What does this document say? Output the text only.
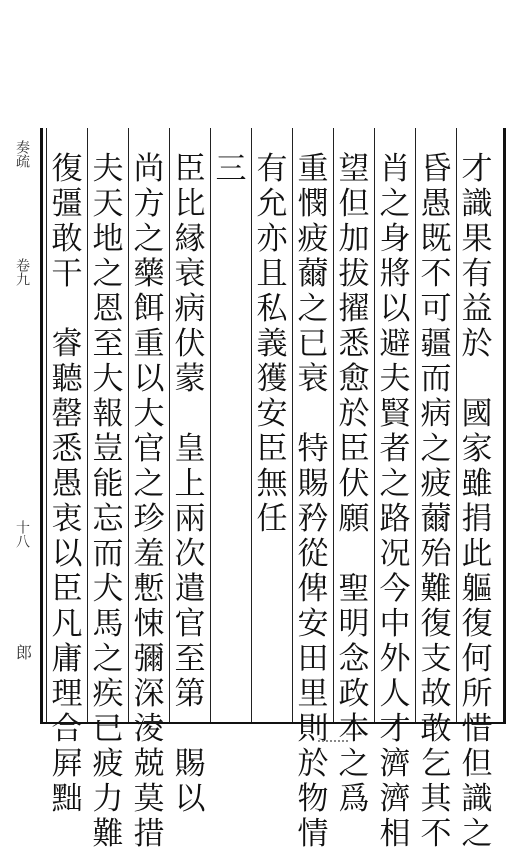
奏疏
卷九
十八
郎
才
識
果
有
益
於

國
家
雖
捐
此
軀
復
何
所
惜
但
識
之
昏
愚
既
不
可
疆
而
病
之
疲
薾
殆
難
復
支
故
敢
乞
其
不
肖
之
身
將
以
避
夫
賢
者
之
路
况
今
中
外
人
才
濟
濟
相
望
但
加
拔
擢
悉
愈
於
臣
伏
願

聖
明
念
政
本
之
爲
重
憫
疲
薾
之
已
衰

特
賜
矜
從
俾
安
田
里
則
於
物
情
有
允
亦
且
私
義
獲
安
臣
無
任
三
臣
比
縁
衰
病
伏
蒙

皇
上
兩
次
遣
官
至
第

賜
以
尚
方
之
藥
餌
重
以
大
官
之
珍
羞
慙
悚
彌
深
淩
兢
莫
措
夫
天
地
之
恩
至
大
報
豈
能
忘
而
犬
馬
之
疾
已
疲
力
難
復
彊
敢
干

睿
聽
罄
悉
愚
衷
以
臣
凡
庸
理
合
屛
黜
